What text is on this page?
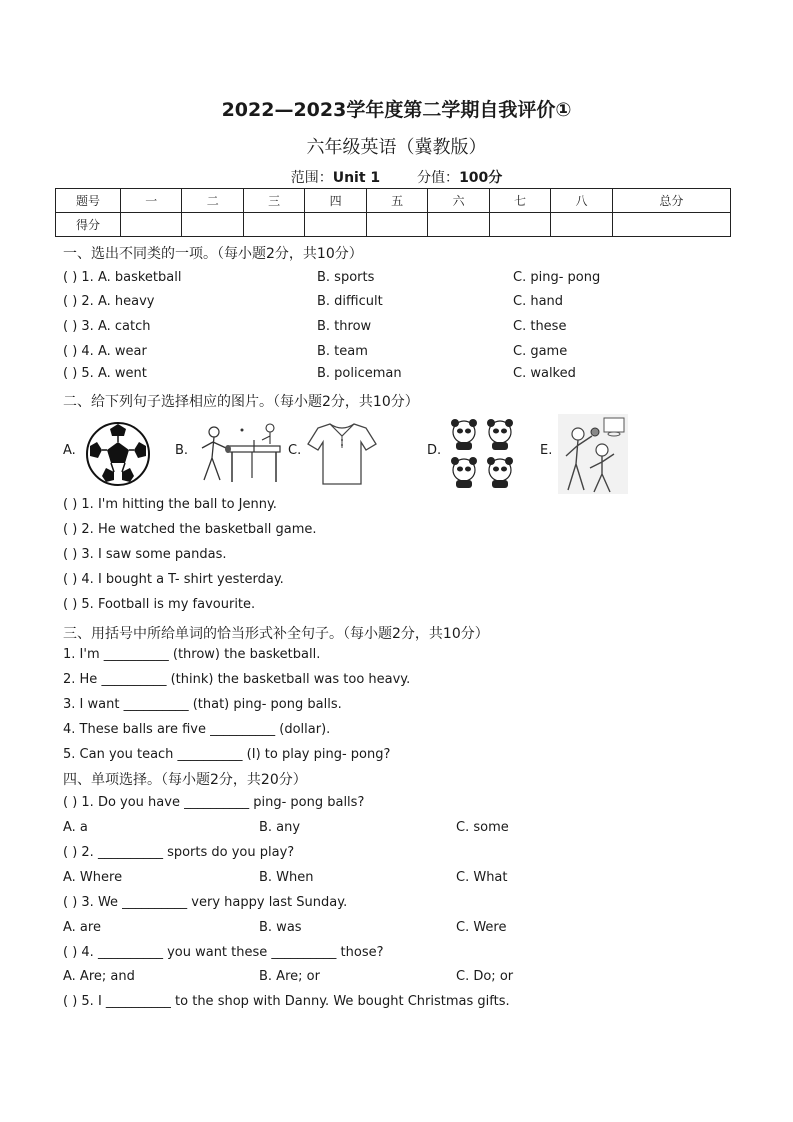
2022—2023学年度第二学期自我评价①
六年级英语（冀教版）
范围：Unit 1	分值：100分
题号	一	二	三	四	五	六	七	八	总分
得分									
一、选出不同类的一项。（每小题2分，共10分）
( ) 1. A. basketball	B. sports	C. ping- pong
( ) 2. A. heavy	B. difficult	C. hand
( ) 3. A. catch	B. throw	C. these
( ) 4. A. wear	B. team	C. game
( ) 5. A. went	B. policeman	C. walked
二、给下列句子选择相应的图片。（每小题2分，共10分）
A.	B.	C.	D.	E.
( ) 1. I'm hitting the ball to Jenny.
( ) 2. He watched the basketball game.
( ) 3. I saw some pandas.
( ) 4. I bought a T- shirt yesterday.
( ) 5. Football is my favourite.
三、用括号中所给单词的恰当形式补全句子。（每小题2分，共10分）
1. I'm __________ (throw) the basketball.
2. He __________ (think) the basketball was too heavy.
3. I want __________ (that) ping- pong balls.
4. These balls are five __________ (dollar).
5. Can you teach __________ (I) to play ping- pong?
四、单项选择。（每小题2分，共20分）
( ) 1. Do you have __________ ping- pong balls?
A. a	B. any	C. some
( ) 2. __________ sports do you play?
A. Where	B. When	C. What
( ) 3. We __________ very happy last Sunday.
A. are	B. was	C. Were
( ) 4. __________ you want these __________ those?
A. Are; and	B. Are; or	C. Do; or
( ) 5. I __________ to the shop with Danny. We bought Christmas gifts.
